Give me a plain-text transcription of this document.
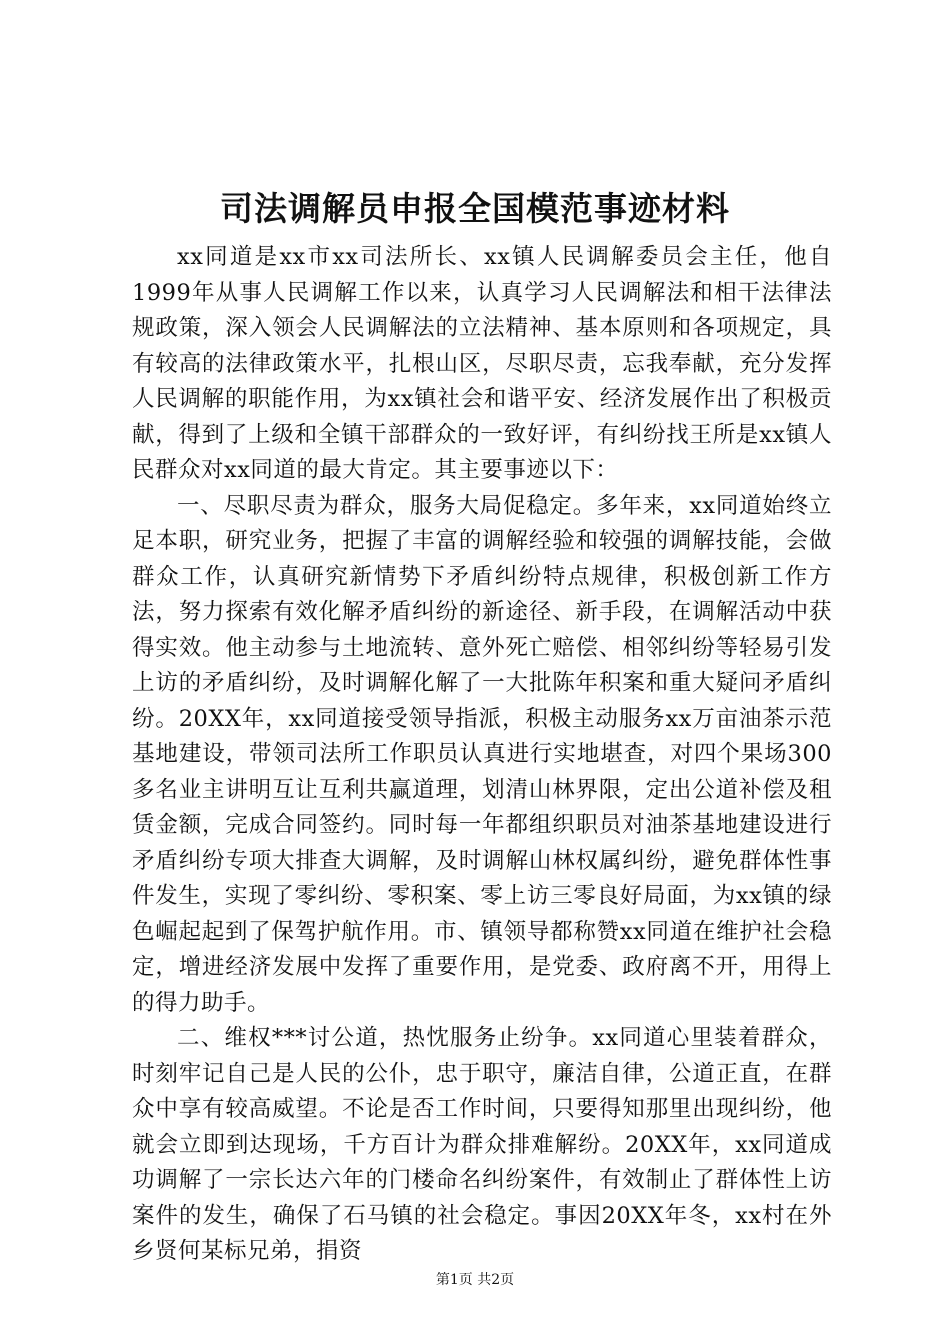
司法调解员申报全国模范事迹材料

xx同道是xx市xx司法所长、xx镇人民调解委员会主任，他自1999年从事人民调解工作以来，认真学习人民调解法和相干法律法规政策，深入领会人民调解法的立法精神、基本原则和各项规定，具有较高的法律政策水平，扎根山区，尽职尽责，忘我奉献，充分发挥人民调解的职能作用，为xx镇社会和谐平安、经济发展作出了积极贡献，得到了上级和全镇干部群众的一致好评，有纠纷找王所是xx镇人民群众对xx同道的最大肯定。其主要事迹以下：

一、尽职尽责为群众，服务大局促稳定。多年来，xx同道始终立足本职，研究业务，把握了丰富的调解经验和较强的调解技能，会做群众工作，认真研究新情势下矛盾纠纷特点规律，积极创新工作方法，努力探索有效化解矛盾纠纷的新途径、新手段，在调解活动中获得实效。他主动参与土地流转、意外死亡赔偿、相邻纠纷等轻易引发上访的矛盾纠纷，及时调解化解了一大批陈年积案和重大疑问矛盾纠纷。20XX年，xx同道接受领导指派，积极主动服务xx万亩油茶示范基地建设，带领司法所工作职员认真进行实地堪查，对四个果场300多名业主讲明互让互利共赢道理，划清山林界限，定出公道补偿及租赁金额，完成合同签约。同时每一年都组织职员对油茶基地建设进行矛盾纠纷专项大排查大调解，及时调解山林权属纠纷，避免群体性事件发生，实现了零纠纷、零积案、零上访三零良好局面，为xx镇的绿色崛起起到了保驾护航作用。市、镇领导都称赞xx同道在维护社会稳定，增进经济发展中发挥了重要作用，是党委、政府离不开，用得上的得力助手。

二、维权***讨公道，热忱服务止纷争。xx同道心里装着群众，时刻牢记自己是人民的公仆，忠于职守，廉洁自律，公道正直，在群众中享有较高威望。不论是否工作时间，只要得知那里出现纠纷，他就会立即到达现场，千方百计为群众排难解纷。20XX年，xx同道成功调解了一宗长达六年的门楼命名纠纷案件，有效制止了群体性上访案件的发生，确保了石马镇的社会稳定。事因20XX年冬，xx村在外乡贤何某标兄弟，捐资

第1页 共2页
